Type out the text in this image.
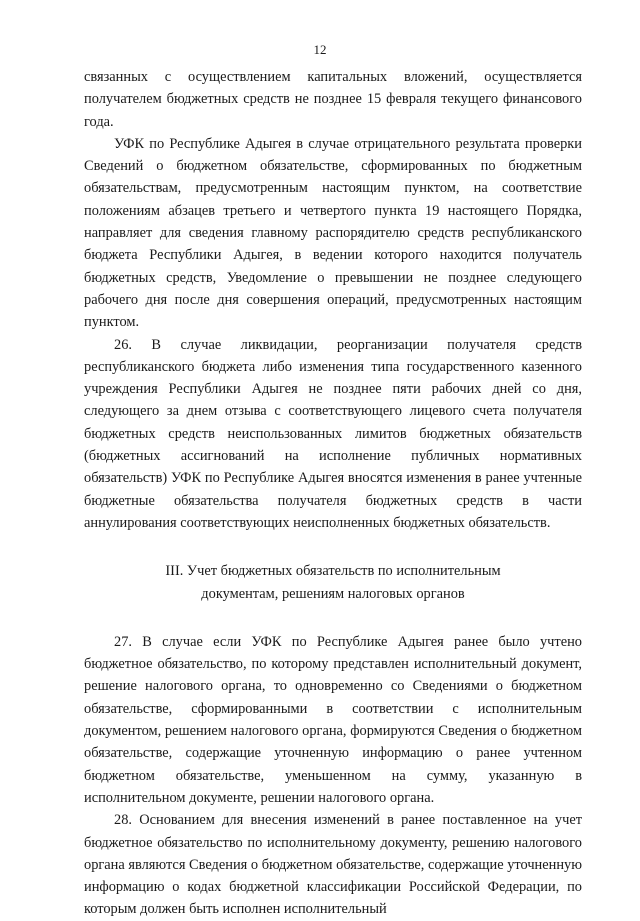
12

связанных с осуществлением капитальных вложений, осуществляется получателем бюджетных средств не позднее 15 февраля текущего финансового года.

УФК по Республике Адыгея в случае отрицательного результата проверки Сведений о бюджетном обязательстве, сформированных по бюджетным обязательствам, предусмотренным настоящим пунктом, на соответствие положениям абзацев третьего и четвертого пункта 19 настоящего Порядка, направляет для сведения главному распорядителю средств республиканского бюджета Республики Адыгея, в ведении которого находится получатель бюджетных средств, Уведомление о превышении не позднее следующего рабочего дня после дня совершения операций, предусмотренных настоящим пунктом.

26. В случае ликвидации, реорганизации получателя средств республиканского бюджета либо изменения типа государственного казенного учреждения Республики Адыгея не позднее пяти рабочих дней со дня, следующего за днем отзыва с соответствующего лицевого счета получателя бюджетных средств неиспользованных лимитов бюджетных обязательств (бюджетных ассигнований на исполнение публичных нормативных обязательств) УФК по Республике Адыгея вносятся изменения в ранее учтенные бюджетные обязательства получателя бюджетных средств в части аннулирования соответствующих неисполненных бюджетных обязательств.

III. Учет бюджетных обязательств по исполнительным
документам, решениям налоговых органов

27. В случае если УФК по Республике Адыгея ранее было учтено бюджетное обязательство, по которому представлен исполнительный документ, решение налогового органа, то одновременно со Сведениями о бюджетном обязательстве, сформированными в соответствии с исполнительным документом, решением налогового органа, формируются Сведения о бюджетном обязательстве, содержащие уточненную информацию о ранее учтенном бюджетном обязательстве, уменьшенном на сумму, указанную в исполнительном документе, решении налогового органа.

28. Основанием для внесения изменений в ранее поставленное на учет бюджетное обязательство по исполнительному документу, решению налогового органа являются Сведения о бюджетном обязательстве, содержащие уточненную информацию о кодах бюджетной классификации Российской Федерации, по которым должен быть исполнен исполнительный
